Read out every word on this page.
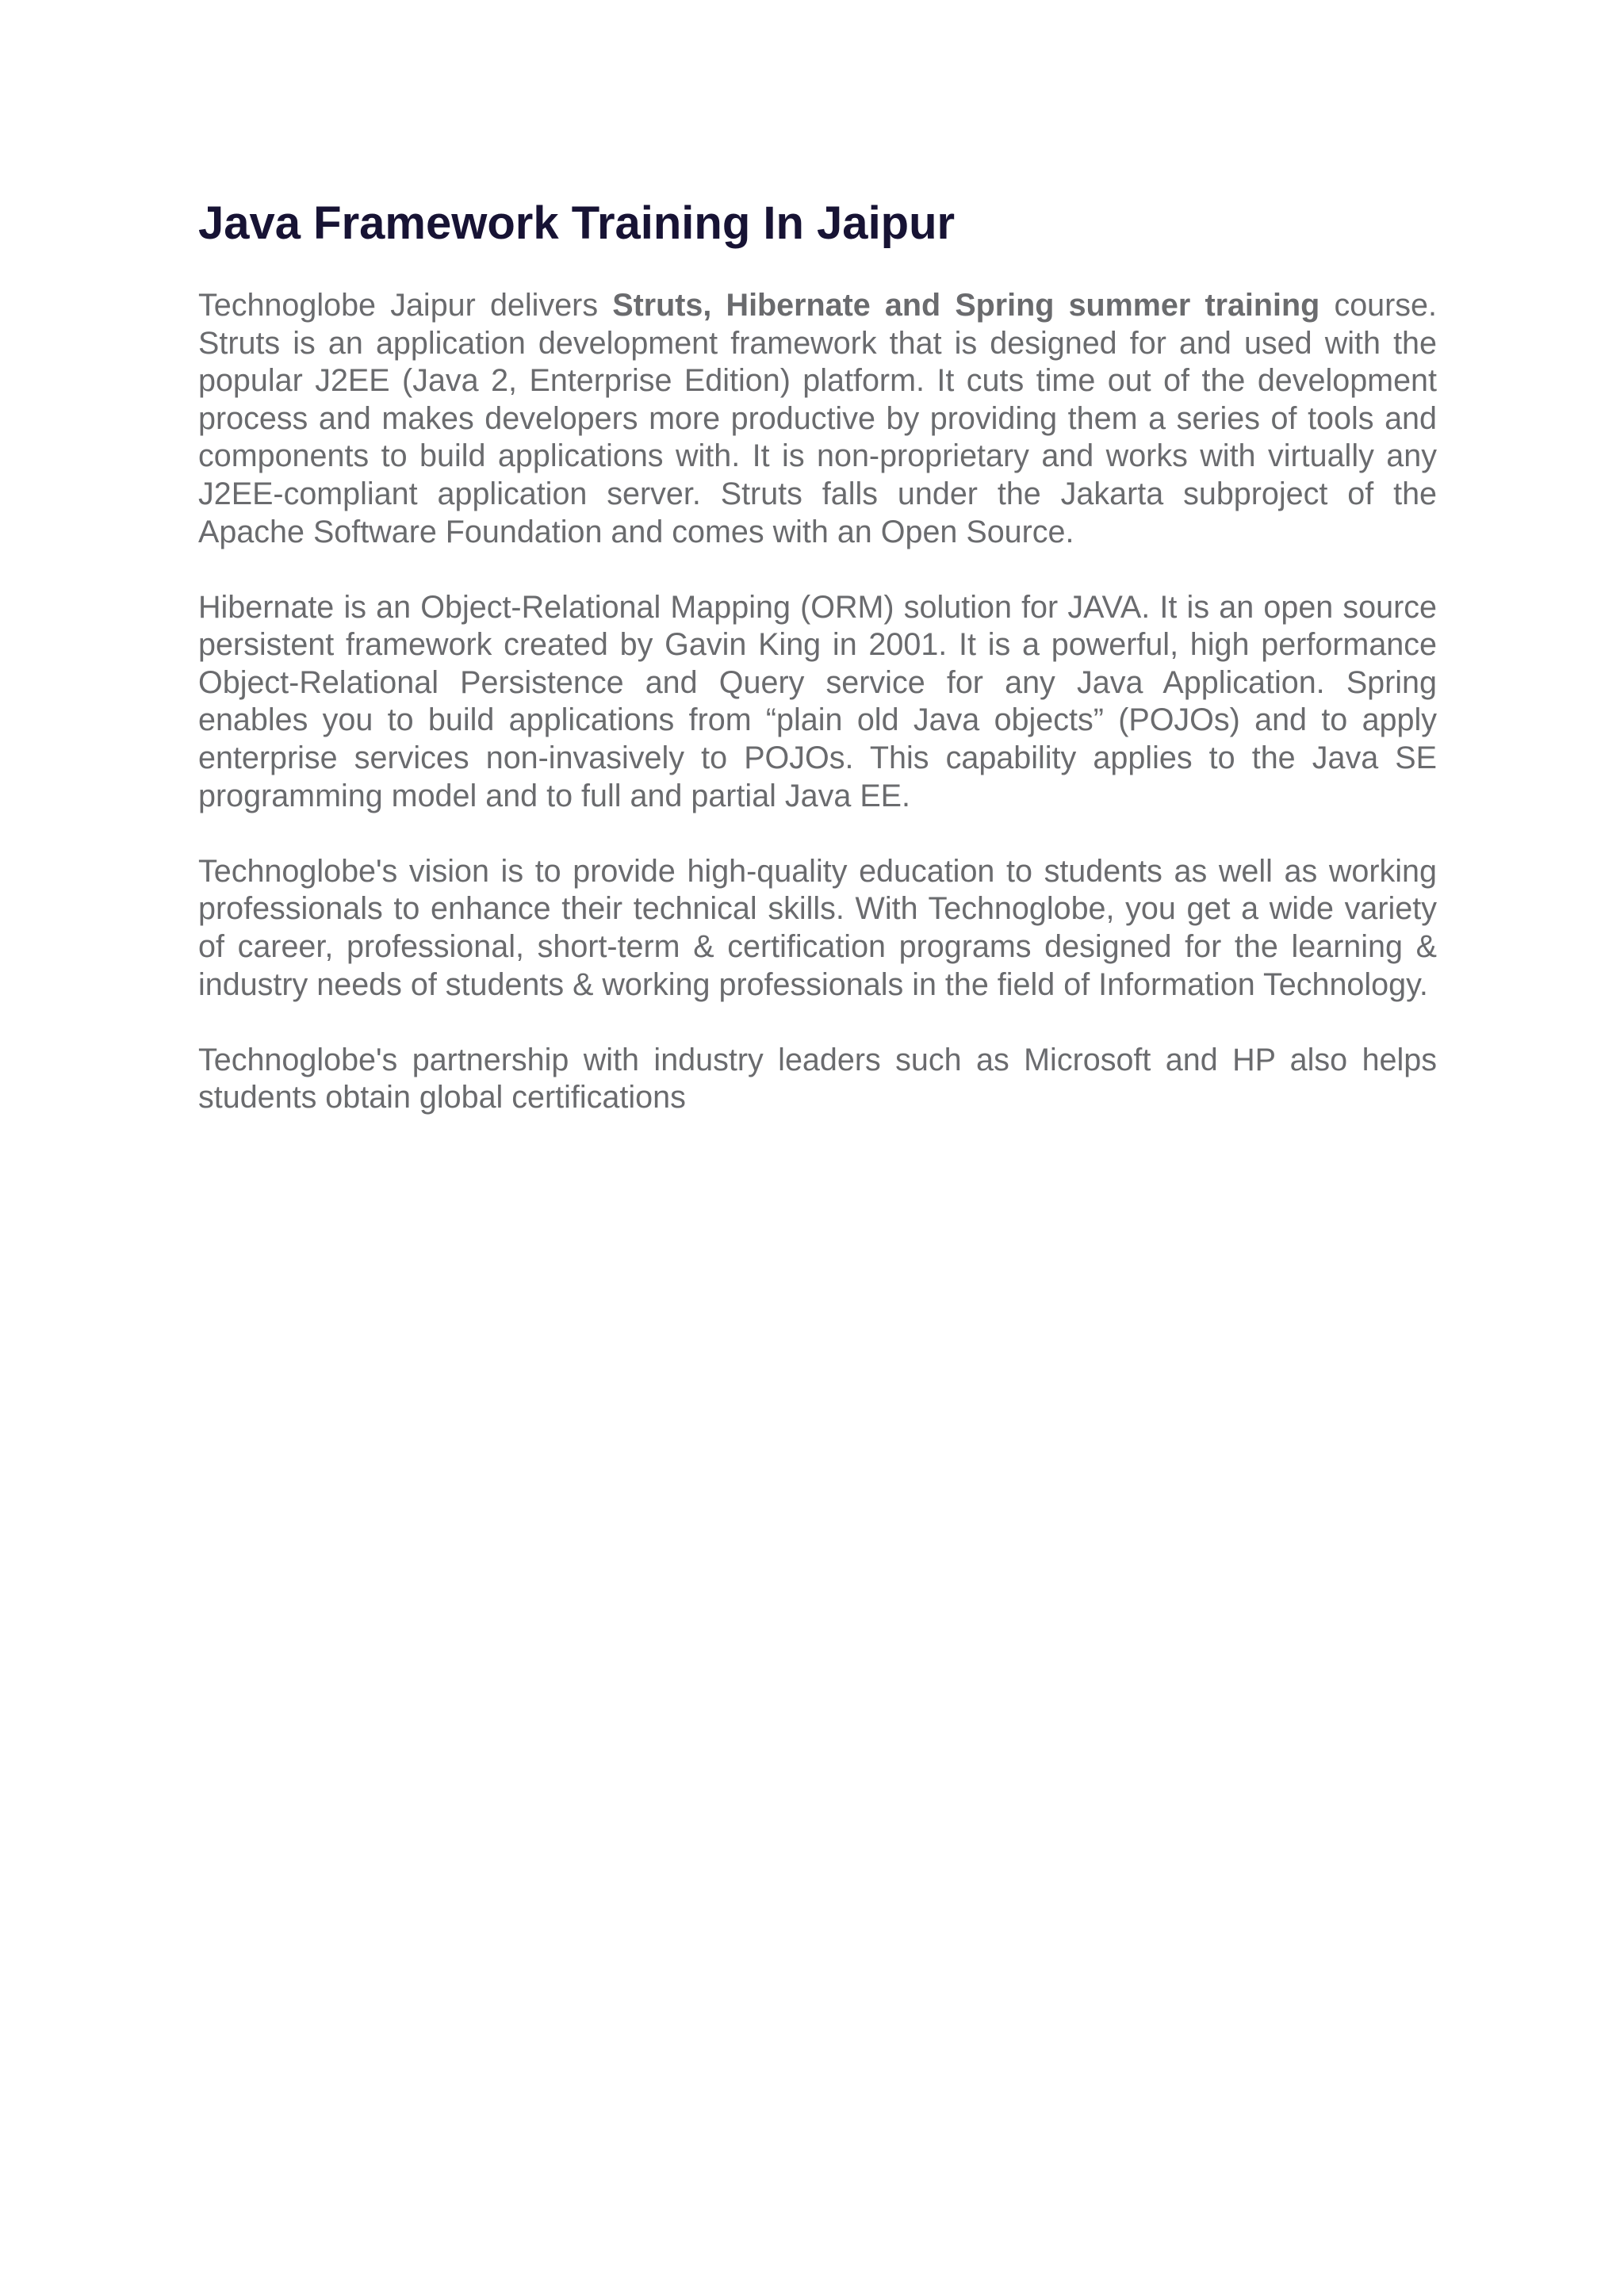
Java Framework Training In Jaipur

Technoglobe Jaipur delivers Struts, Hibernate and Spring summer training course. Struts is an application development framework that is designed for and used with the popular J2EE (Java 2, Enterprise Edition) platform. It cuts time out of the development process and makes developers more productive by providing them a series of tools and components to build applications with. It is non-proprietary and works with virtually any J2EE-compliant application server. Struts falls under the Jakarta subproject of the Apache Software Foundation and comes with an Open Source.

Hibernate is an Object-Relational Mapping (ORM) solution for JAVA. It is an open source persistent framework created by Gavin King in 2001. It is a powerful, high performance Object-Relational Persistence and Query service for any Java Application. Spring enables you to build applications from “plain old Java objects” (POJOs) and to apply enterprise services non-invasively to POJOs. This capability applies to the Java SE programming model and to full and partial Java EE.

Technoglobe's vision is to provide high-quality education to students as well as working professionals to enhance their technical skills. With Technoglobe, you get a wide variety of career, professional, short-term & certification programs designed for the learning & industry needs of students & working professionals in the field of Information Technology.

Technoglobe's partnership with industry leaders such as Microsoft and HP also helps students obtain global certifications
